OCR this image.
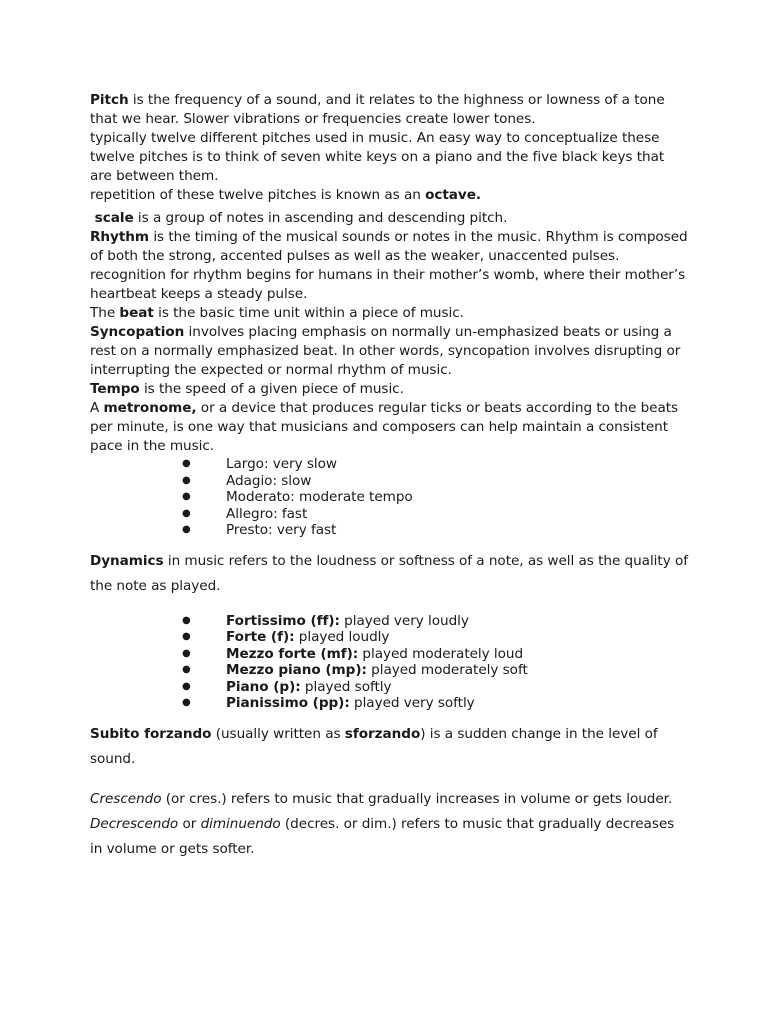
Pitch is the frequency of a sound, and it relates to the highness or lowness of a tone that we hear. Slower vibrations or frequencies create lower tones.

typically twelve different pitches used in music. An easy way to conceptualize these twelve pitches is to think of seven white keys on a piano and the five black keys that are between them.

repetition of these twelve pitches is known as an octave.

scale is a group of notes in ascending and descending pitch.

Rhythm is the timing of the musical sounds or notes in the music. Rhythm is composed of both the strong, accented pulses as well as the weaker, unaccented pulses.

recognition for rhythm begins for humans in their mother’s womb, where their mother’s heartbeat keeps a steady pulse.

The beat is the basic time unit within a piece of music.

Syncopation involves placing emphasis on normally un-emphasized beats or using a rest on a normally emphasized beat. In other words, syncopation involves disrupting or interrupting the expected or normal rhythm of music.

Tempo is the speed of a given piece of music.

A metronome, or a device that produces regular ticks or beats according to the beats per minute, is one way that musicians and composers can help maintain a consistent pace in the music.

●	Largo: very slow
●	Adagio: slow
●	Moderato: moderate tempo
●	Allegro: fast
●	Presto: very fast

Dynamics in music refers to the loudness or softness of a note, as well as the quality of the note as played.

●	Fortissimo (ff): played very loudly
●	Forte (f): played loudly
●	Mezzo forte (mf): played moderately loud
●	Mezzo piano (mp): played moderately soft
●	Piano (p): played softly
●	Pianissimo (pp): played very softly

Subito forzando (usually written as sforzando) is a sudden change in the level of sound.

Crescendo (or cres.) refers to music that gradually increases in volume or gets louder. Decrescendo or diminuendo (decres. or dim.) refers to music that gradually decreases in volume or gets softer.
